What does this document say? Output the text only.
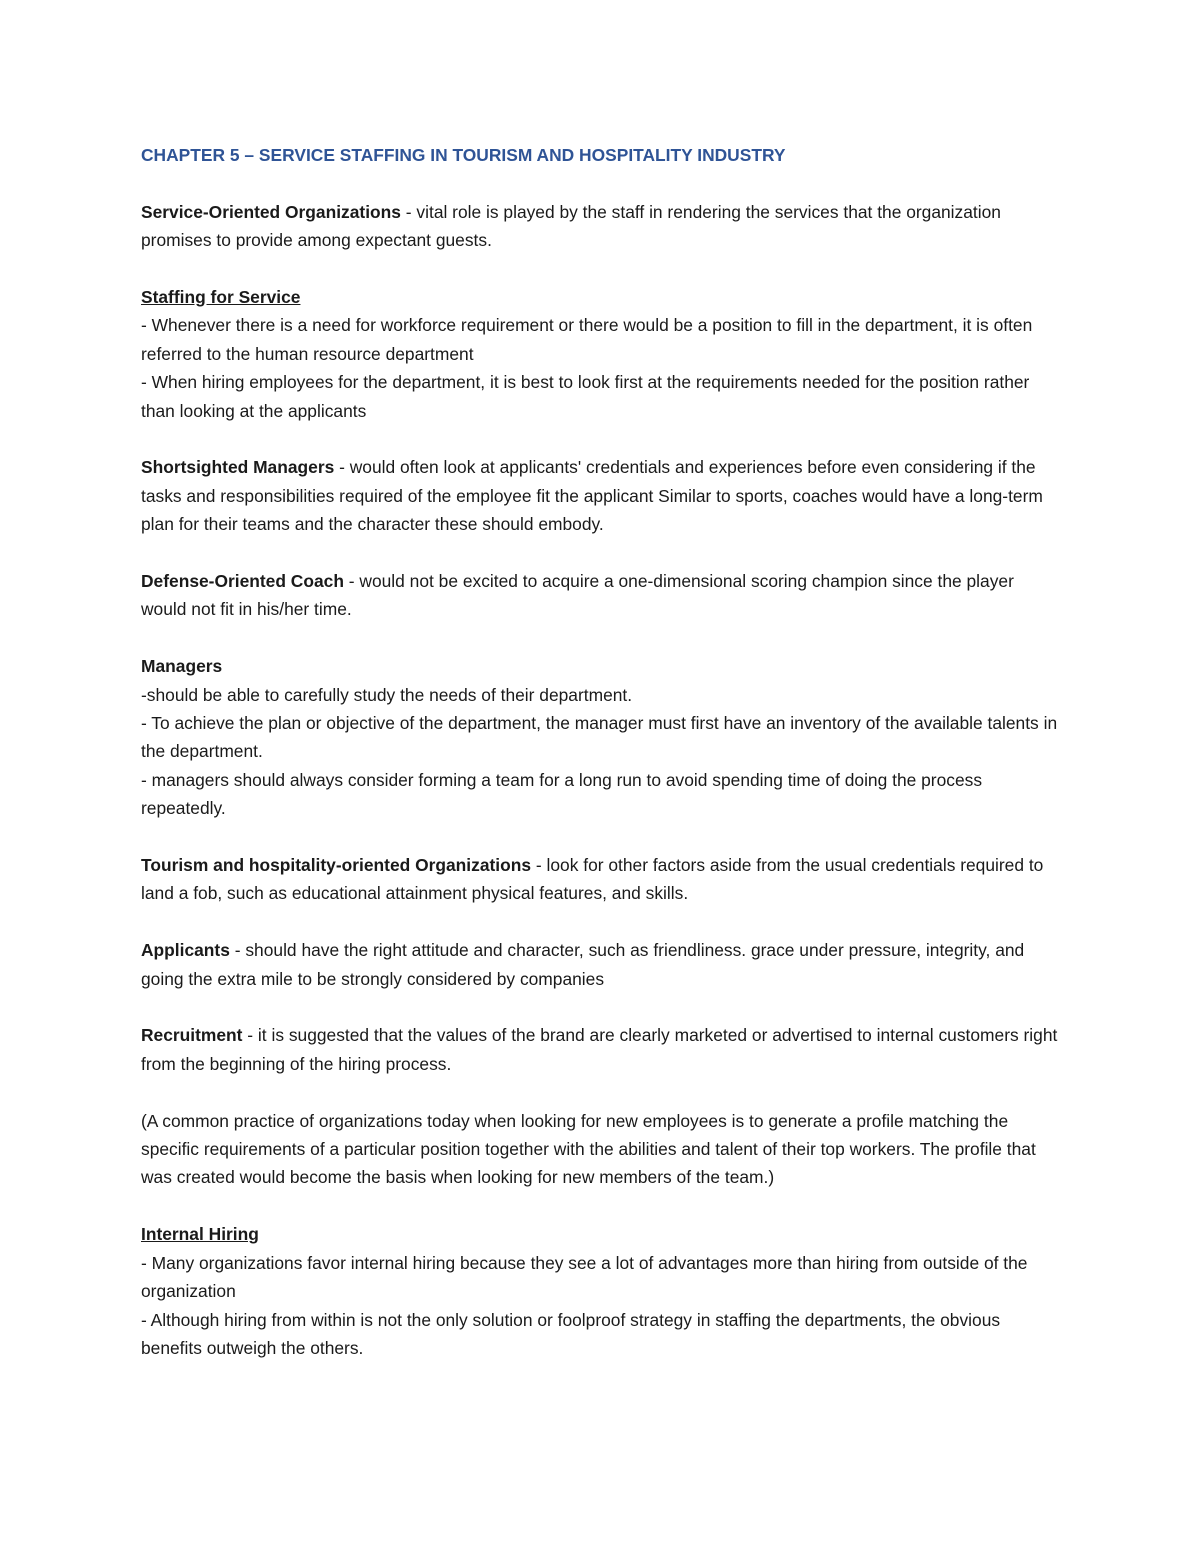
CHAPTER 5 – SERVICE STAFFING IN TOURISM AND HOSPITALITY INDUSTRY

Service-Oriented Organizations - vital role is played by the staff in rendering the services that the organization promises to provide among expectant guests.

Staffing for Service
- Whenever there is a need for workforce requirement or there would be a position to fill in the department, it is often referred to the human resource department
- When hiring employees for the department, it is best to look first at the requirements needed for the position rather than looking at the applicants

Shortsighted Managers - would often look at applicants' credentials and experiences before even considering if the tasks and responsibilities required of the employee fit the applicant Similar to sports, coaches would have a long-term plan for their teams and the character these should embody.

Defense-Oriented Coach - would not be excited to acquire a one-dimensional scoring champion since the player would not fit in his/her time.

Managers
-should be able to carefully study the needs of their department.
- To achieve the plan or objective of the department, the manager must first have an inventory of the available talents in the department.
- managers should always consider forming a team for a long run to avoid spending time of doing the process repeatedly.

Tourism and hospitality-oriented Organizations - look for other factors aside from the usual credentials required to land a fob, such as educational attainment physical features, and skills.

Applicants - should have the right attitude and character, such as friendliness. grace under pressure, integrity, and going the extra mile to be strongly considered by companies

Recruitment - it is suggested that the values of the brand are clearly marketed or advertised to internal customers right from the beginning of the hiring process.

(A common practice of organizations today when looking for new employees is to generate a profile matching the specific requirements of a particular position together with the abilities and talent of their top workers. The profile that was created would become the basis when looking for new members of the team.)

Internal Hiring
- Many organizations favor internal hiring because they see a lot of advantages more than hiring from outside of the organization
- Although hiring from within is not the only solution or foolproof strategy in staffing the departments, the obvious benefits outweigh the others.
